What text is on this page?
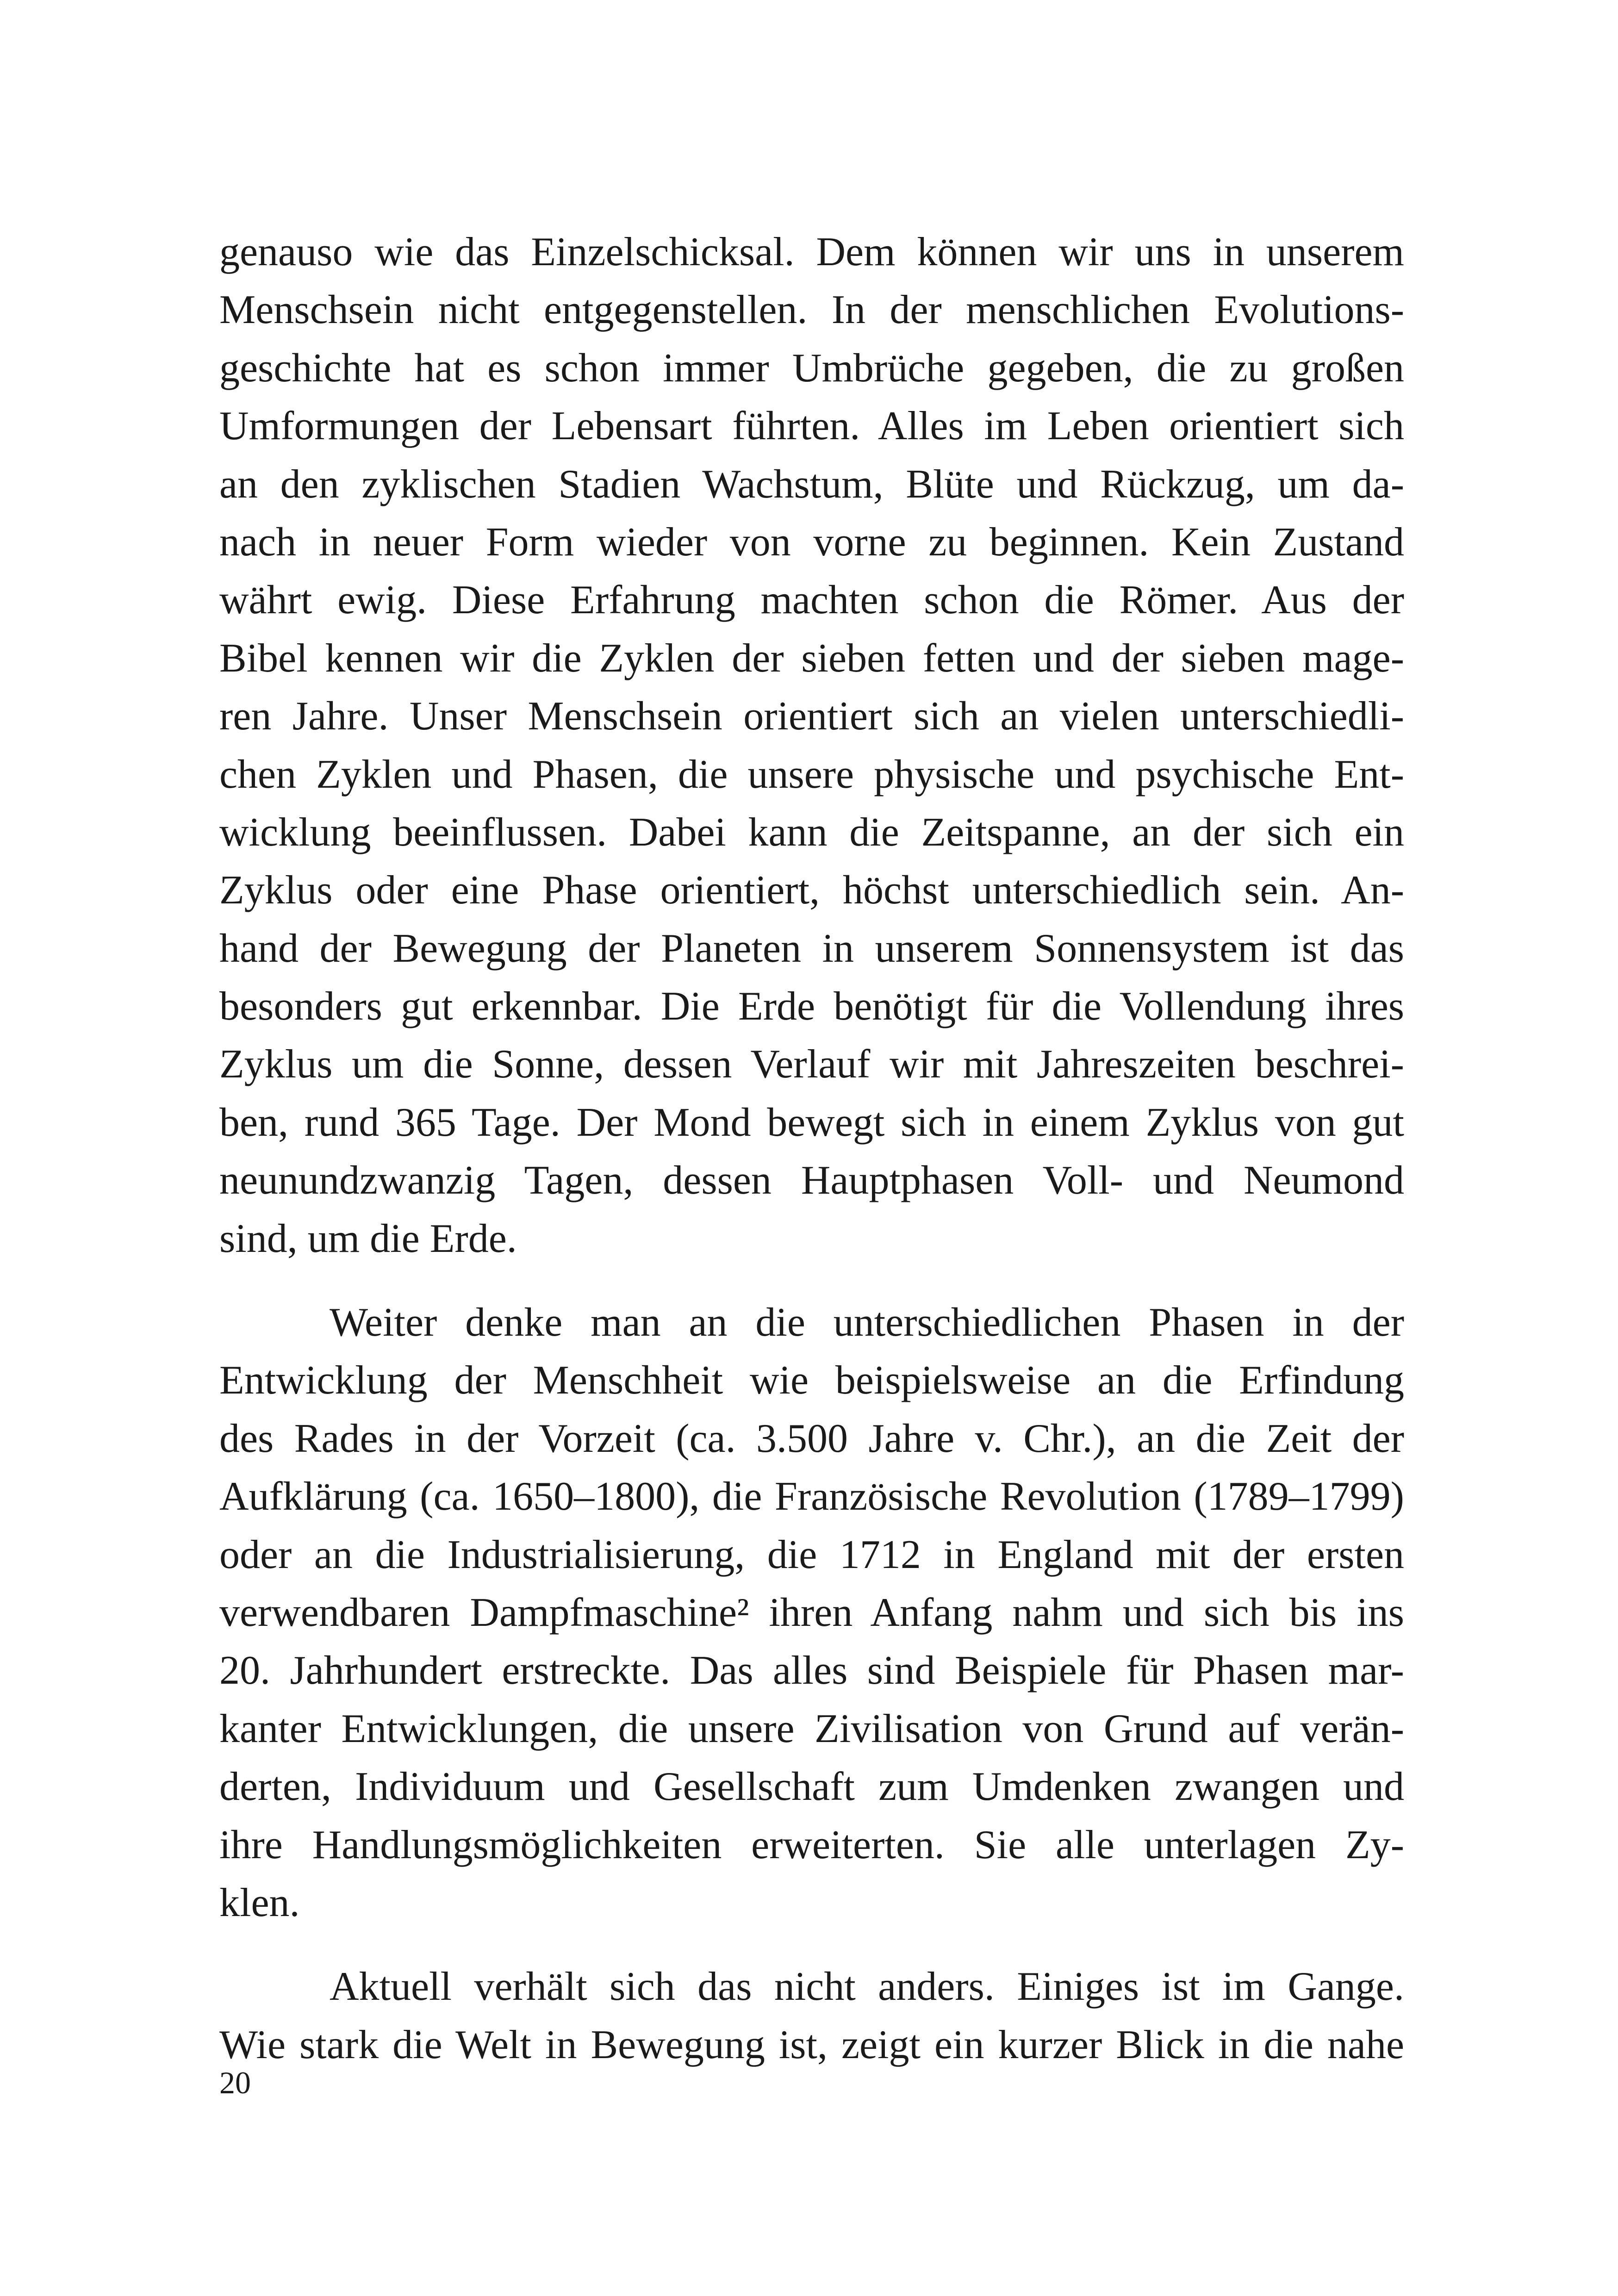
genauso wie das Einzelschicksal. Dem können wir uns in unserem
Menschsein nicht entgegenstellen. In der menschlichen Evolutions-
geschichte hat es schon immer Umbrüche gegeben, die zu großen
Umformungen der Lebensart führten. Alles im Leben orientiert sich
an den zyklischen Stadien Wachstum, Blüte und Rückzug, um da-
nach in neuer Form wieder von vorne zu beginnen. Kein Zustand
währt ewig. Diese Erfahrung machten schon die Römer. Aus der
Bibel kennen wir die Zyklen der sieben fetten und der sieben mage-
ren Jahre. Unser Menschsein orientiert sich an vielen unterschiedli-
chen Zyklen und Phasen, die unsere physische und psychische Ent-
wicklung beeinflussen. Dabei kann die Zeitspanne, an der sich ein
Zyklus oder eine Phase orientiert, höchst unterschiedlich sein. An-
hand der Bewegung der Planeten in unserem Sonnensystem ist das
besonders gut erkennbar. Die Erde benötigt für die Vollendung ihres
Zyklus um die Sonne, dessen Verlauf wir mit Jahreszeiten beschrei-
ben, rund 365 Tage. Der Mond bewegt sich in einem Zyklus von gut
neunundzwanzig Tagen, dessen Hauptphasen Voll- und Neumond
sind, um die Erde.
Weiter denke man an die unterschiedlichen Phasen in der
Entwicklung der Menschheit wie beispielsweise an die Erfindung
des Rades in der Vorzeit (ca. 3.500 Jahre v. Chr.), an die Zeit der
Aufklärung (ca. 1650–1800), die Französische Revolution (1789–1799)
oder an die Industrialisierung, die 1712 in England mit der ersten
verwendbaren Dampfmaschine² ihren Anfang nahm und sich bis ins
20. Jahrhundert erstreckte. Das alles sind Beispiele für Phasen mar-
kanter Entwicklungen, die unsere Zivilisation von Grund auf verän-
derten, Individuum und Gesellschaft zum Umdenken zwangen und
ihre Handlungsmöglichkeiten erweiterten. Sie alle unterlagen Zy-
klen.
Aktuell verhält sich das nicht anders. Einiges ist im Gange.
Wie stark die Welt in Bewegung ist, zeigt ein kurzer Blick in die nahe
20
